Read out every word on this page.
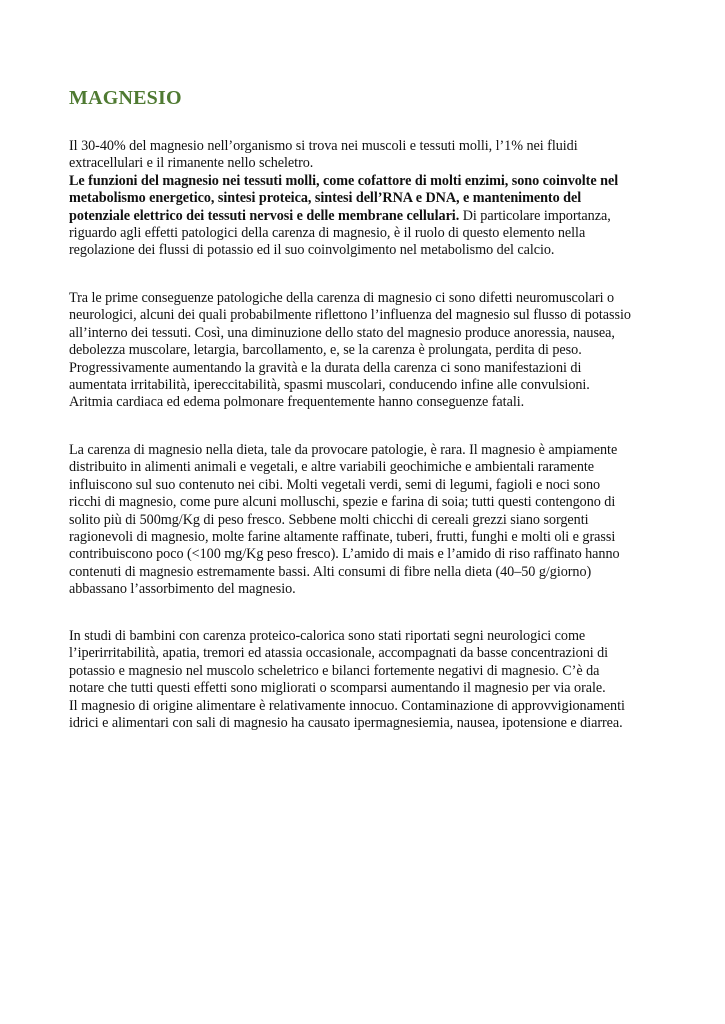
MAGNESIO
Il 30-40% del magnesio nell’organismo si trova nei muscoli e tessuti molli, l’1% nei fluidi
extracellulari e il rimanente nello scheletro.
Le funzioni del magnesio nei tessuti molli, come cofattore di molti enzimi, sono coinvolte nel
metabolismo energetico, sintesi proteica, sintesi dell’RNA e DNA, e mantenimento del
potenziale elettrico dei tessuti nervosi e delle membrane cellulari. Di particolare importanza,
riguardo agli effetti patologici della carenza di magnesio, è il ruolo di questo elemento nella
regolazione dei flussi di potassio ed il suo coinvolgimento nel metabolismo del calcio.
Tra le prime conseguenze patologiche della carenza di magnesio ci sono difetti neuromuscolari o
neurologici, alcuni dei quali probabilmente riflettono l’influenza del magnesio sul flusso di potassio
all’interno dei tessuti. Così, una diminuzione dello stato del magnesio produce anoressia, nausea,
debolezza muscolare, letargia, barcollamento, e, se la carenza è prolungata, perdita di peso.
Progressivamente aumentando la gravità e la durata della carenza ci sono manifestazioni di
aumentata irritabilità, ipereccitabilità, spasmi muscolari, conducendo infine alle convulsioni.
Aritmia cardiaca ed edema polmonare frequentemente hanno conseguenze fatali.
La carenza di magnesio nella dieta, tale da provocare patologie, è rara. Il magnesio è ampiamente
distribuito in alimenti animali e vegetali, e altre variabili geochimiche e ambientali raramente
influiscono sul suo contenuto nei cibi. Molti vegetali verdi, semi di legumi, fagioli e noci sono
ricchi di magnesio, come pure alcuni molluschi, spezie e farina di soia; tutti questi contengono di
solito più di 500mg/Kg di peso fresco. Sebbene molti chicchi di cereali grezzi siano sorgenti
ragionevoli di magnesio, molte farine altamente raffinate, tuberi, frutti, funghi e molti oli e grassi
contribuiscono poco (<100 mg/Kg peso fresco). L’amido di mais e l’amido di riso raffinato hanno
contenuti di magnesio estremamente bassi. Alti consumi di fibre nella dieta (40–50 g/giorno)
abbassano l’assorbimento del magnesio.
In studi di bambini con carenza proteico-calorica sono stati riportati segni neurologici come
l’iperirritabilità, apatia, tremori ed atassia occasionale, accompagnati da basse concentrazioni di
potassio e magnesio nel muscolo scheletrico e bilanci fortemente negativi di magnesio. C’è da
notare che tutti questi effetti sono migliorati o scomparsi aumentando il magnesio per via orale.
Il magnesio di origine alimentare è relativamente innocuo. Contaminazione di approvvigionamenti
idrici e alimentari con sali di magnesio ha causato ipermagnesiemia, nausea, ipotensione e diarrea.
